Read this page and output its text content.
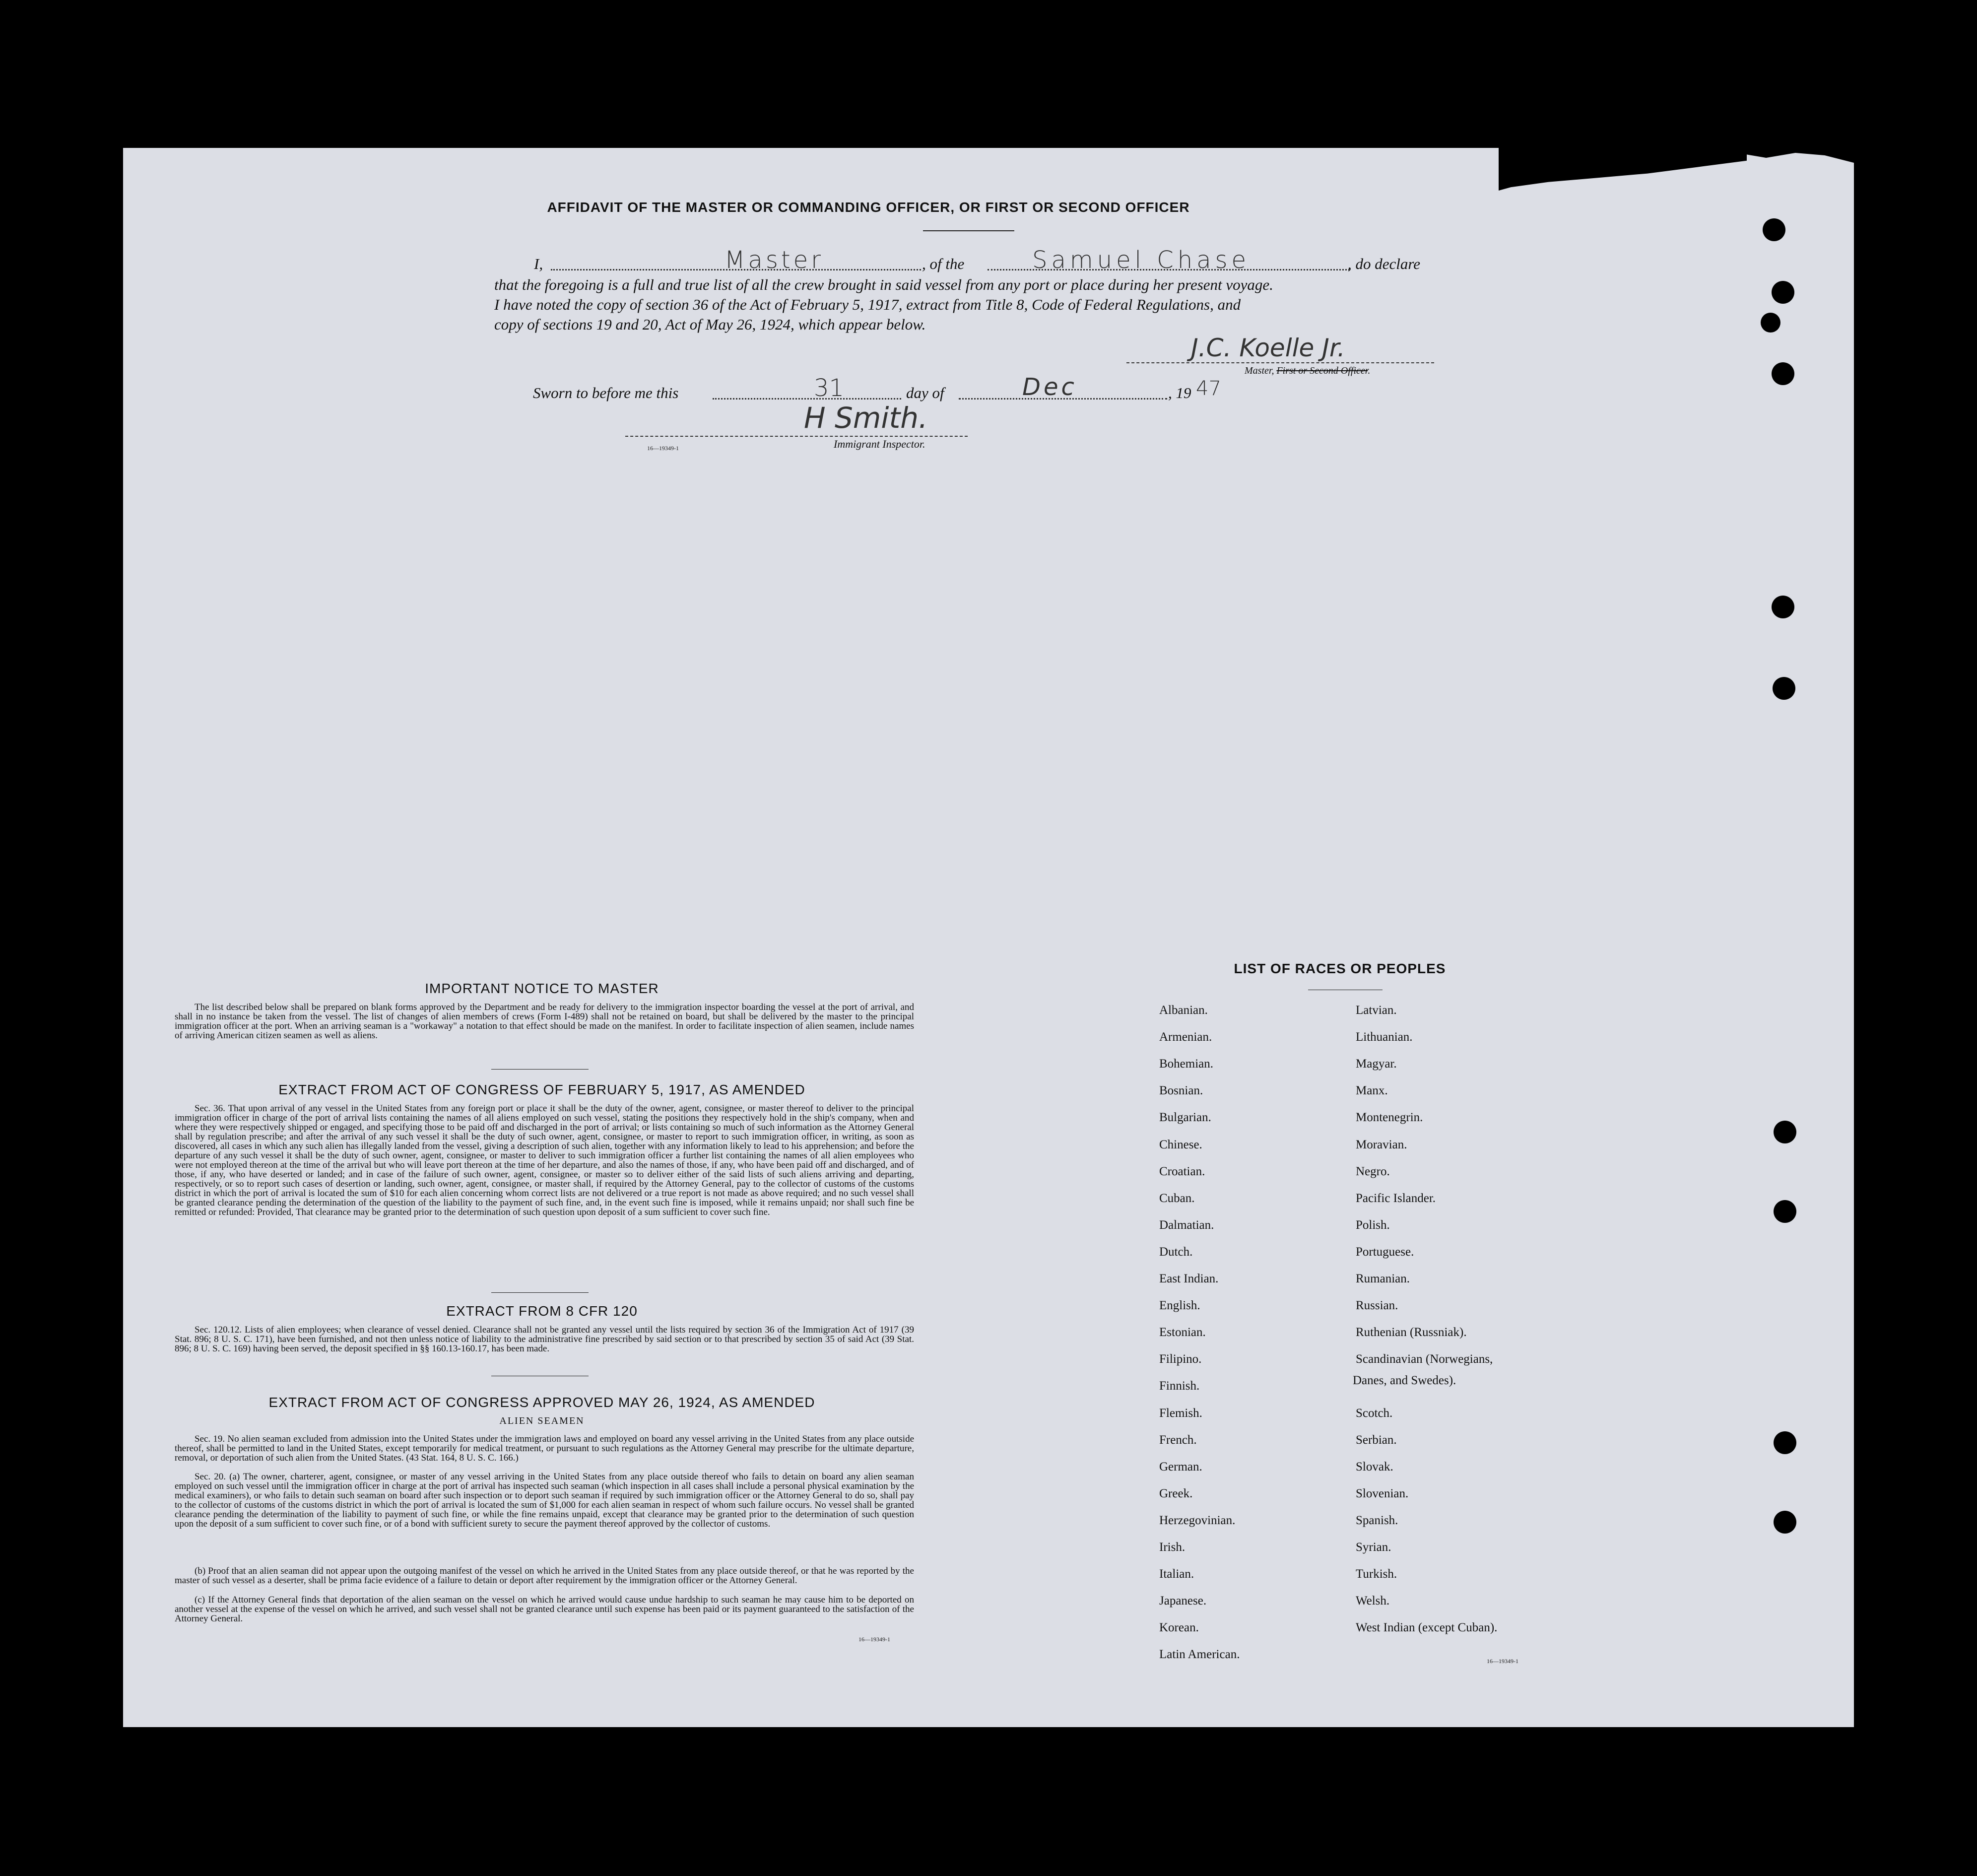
AFFIDAVIT OF THE MASTER OR COMMANDING OFFICER, OR FIRST OR SECOND OFFICER
I,	, of the	, do declare
Master	Samuel Chase
that the foregoing is a full and true list of all the crew brought in said vessel from any port or place during her present voyage.
I have noted the copy of section 36 of the Act of February 5, 1917, extract from Title 8, Code of Federal Regulations, and
copy of sections 19 and 20, Act of May 26, 1924, which appear below.
J.C. Koelle Jr.
Master, First or Second Officer.
Sworn to before me this	day of	, 19
31	Dec	47
H Smith.
Immigrant Inspector.
16—19349-1
IMPORTANT NOTICE TO MASTER
The list described below shall be prepared on blank forms approved by the Department and be ready for delivery to the immigration inspector boarding the vessel at the port of arrival, and shall in no instance be taken from the vessel. The list of changes of alien members of crews (Form I-489) shall not be retained on board, but shall be delivered by the master to the principal immigration officer at the port. When an arriving seaman is a "workaway" a notation to that effect should be made on the manifest. In order to facilitate inspection of alien seamen, include names of arriving American citizen seamen as well as aliens.
EXTRACT FROM ACT OF CONGRESS OF FEBRUARY 5, 1917, AS AMENDED
Sec. 36. That upon arrival of any vessel in the United States from any foreign port or place it shall be the duty of the owner, agent, consignee, or master thereof to deliver to the principal immigration officer in charge of the port of arrival lists containing the names of all aliens employed on such vessel, stating the positions they respectively hold in the ship's company, when and where they were respectively shipped or engaged, and specifying those to be paid off and discharged in the port of arrival; or lists containing so much of such information as the Attorney General shall by regulation prescribe; and after the arrival of any such vessel it shall be the duty of such owner, agent, consignee, or master to report to such immigration officer, in writing, as soon as discovered, all cases in which any such alien has illegally landed from the vessel, giving a description of such alien, together with any information likely to lead to his apprehension; and before the departure of any such vessel it shall be the duty of such owner, agent, consignee, or master to deliver to such immigration officer a further list containing the names of all alien employees who were not employed thereon at the time of the arrival but who will leave port thereon at the time of her departure, and also the names of those, if any, who have been paid off and discharged, and of those, if any, who have deserted or landed; and in case of the failure of such owner, agent, consignee, or master so to deliver either of the said lists of such aliens arriving and departing, respectively, or so to report such cases of desertion or landing, such owner, agent, consignee, or master shall, if required by the Attorney General, pay to the collector of customs of the customs district in which the port of arrival is located the sum of $10 for each alien concerning whom correct lists are not delivered or a true report is not made as above required; and no such vessel shall be granted clearance pending the determination of the question of the liability to the payment of such fine, and, in the event such fine is imposed, while it remains unpaid; nor shall such fine be remitted or refunded: Provided, That clearance may be granted prior to the determination of such question upon deposit of a sum sufficient to cover such fine.
EXTRACT FROM 8 CFR 120
Sec. 120.12. Lists of alien employees; when clearance of vessel denied. Clearance shall not be granted any vessel until the lists required by section 36 of the Immigration Act of 1917 (39 Stat. 896; 8 U. S. C. 171), have been furnished, and not then unless notice of liability to the administrative fine prescribed by said section or to that prescribed by section 35 of said Act (39 Stat. 896; 8 U. S. C. 169) having been served, the deposit specified in §§ 160.13-160.17, has been made.
EXTRACT FROM ACT OF CONGRESS APPROVED MAY 26, 1924, AS AMENDED
ALIEN SEAMEN
Sec. 19. No alien seaman excluded from admission into the United States under the immigration laws and employed on board any vessel arriving in the United States from any place outside thereof, shall be permitted to land in the United States, except temporarily for medical treatment, or pursuant to such regulations as the Attorney General may prescribe for the ultimate departure, removal, or deportation of such alien from the United States. (43 Stat. 164, 8 U. S. C. 166.)
Sec. 20. (a) The owner, charterer, agent, consignee, or master of any vessel arriving in the United States from any place outside thereof who fails to detain on board any alien seaman employed on such vessel until the immigration officer in charge at the port of arrival has inspected such seaman (which inspection in all cases shall include a personal physical examination by the medical examiners), or who fails to detain such seaman on board after such inspection or to deport such seaman if required by such immigration officer or the Attorney General to do so, shall pay to the collector of customs of the customs district in which the port of arrival is located the sum of $1,000 for each alien seaman in respect of whom such failure occurs. No vessel shall be granted clearance pending the determination of the liability to payment of such fine, or while the fine remains unpaid, except that clearance may be granted prior to the determination of such question upon the deposit of a sum sufficient to cover such fine, or of a bond with sufficient surety to secure the payment thereof approved by the collector of customs.
(b) Proof that an alien seaman did not appear upon the outgoing manifest of the vessel on which he arrived in the United States from any place outside thereof, or that he was reported by the master of such vessel as a deserter, shall be prima facie evidence of a failure to detain or deport after requirement by the immigration officer or the Attorney General.
(c) If the Attorney General finds that deportation of the alien seaman on the vessel on which he arrived would cause undue hardship to such seaman he may cause him to be deported on another vessel at the expense of the vessel on which he arrived, and such vessel shall not be granted clearance until such expense has been paid or its payment guaranteed to the satisfaction of the Attorney General.
16—19349-1
LIST OF RACES OR PEOPLES
Albanian.
Armenian.
Bohemian.
Bosnian.
Bulgarian.
Chinese.
Croatian.
Cuban.
Dalmatian.
Dutch.
East Indian.
English.
Estonian.
Filipino.
Finnish.
Flemish.
French.
German.
Greek.
Herzegovinian.
Irish.
Italian.
Japanese.
Korean.
Latin American.
Latvian.
Lithuanian.
Magyar.
Manx.
Montenegrin.
Moravian.
Negro.
Pacific Islander.
Polish.
Portuguese.
Rumanian.
Russian.
Ruthenian (Russniak).
Scandinavian (Norwegians,
Scotch.
Serbian.
Slovak.
Slovenian.
Spanish.
Syrian.
Turkish.
Welsh.
West Indian (except Cuban).
Danes, and Swedes).
16—19349-1
